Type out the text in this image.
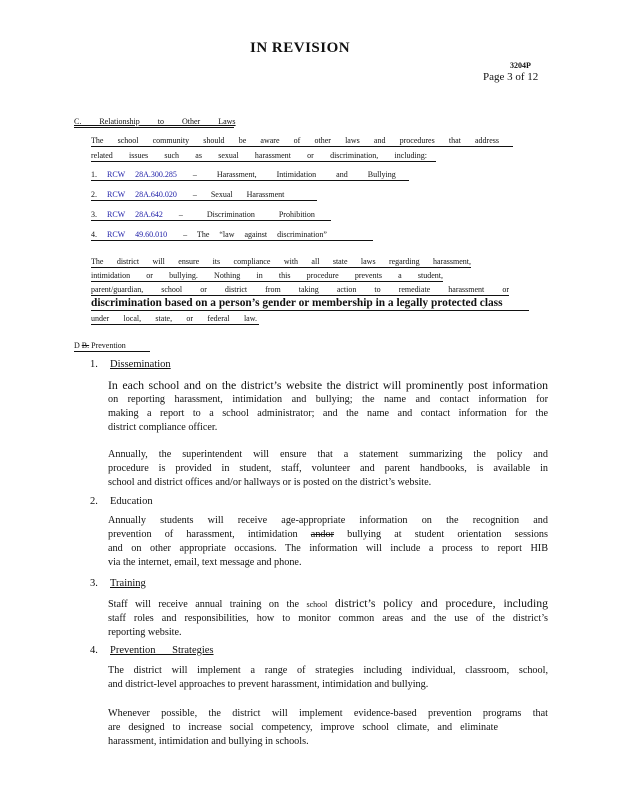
IN REVISION
3204P
Page 3 of 12
C. Relationship to Other Laws
The school community should be aware of other laws and procedures that address
related issues such as sexual harassment or discrimination, including:
1. RCW 28A.300.285 – Harassment, Intimidation and Bullying
2. RCW 28A.640.020 – Sexual Harassment
3. RCW 28A.642 – Discrimination Prohibition
4. RCW 49.60.010 – The “law against discrimination”
The district will ensure its compliance with all state laws regarding harassment,
intimidation or bullying. Nothing in this procedure prevents a student,
parent/guardian, school or district from taking action to remediate harassment or
discrimination based on a person’s gender or membership in a legally protected class
under local, state, or federal law.
D B. Prevention
1. Dissemination
In each school and on the district’s website the district will prominently post information
on reporting harassment, intimidation and bullying; the name and contact information for
making a report to a school administrator; and the name and contact information for the
district compliance officer.
Annually, the superintendent will ensure that a statement summarizing the policy and
procedure is provided in student, staff, volunteer and parent handbooks, is available in
school and district offices and/or hallways or is posted on the district’s website.
2. Education
Annually students will receive age-appropriate information on the recognition and
prevention of harassment, intimidation andor bullying at student orientation sessions
and on other appropriate occasions. The information will include a process to report HIB
via the internet, email, text message and phone.
3. Training
Staff will receive annual training on the school district’s policy and procedure, including
staff roles and responsibilities, how to monitor common areas and the use of the district’s
reporting website.
4. Prevention Strategies
The district will implement a range of strategies including individual, classroom, school,
and district-level approaches to prevent harassment, intimidation and bullying.
Whenever possible, the district will implement evidence-based prevention programs that
are designed to increase social competency, improve school climate, and eliminate
harassment, intimidation and bullying in schools.
